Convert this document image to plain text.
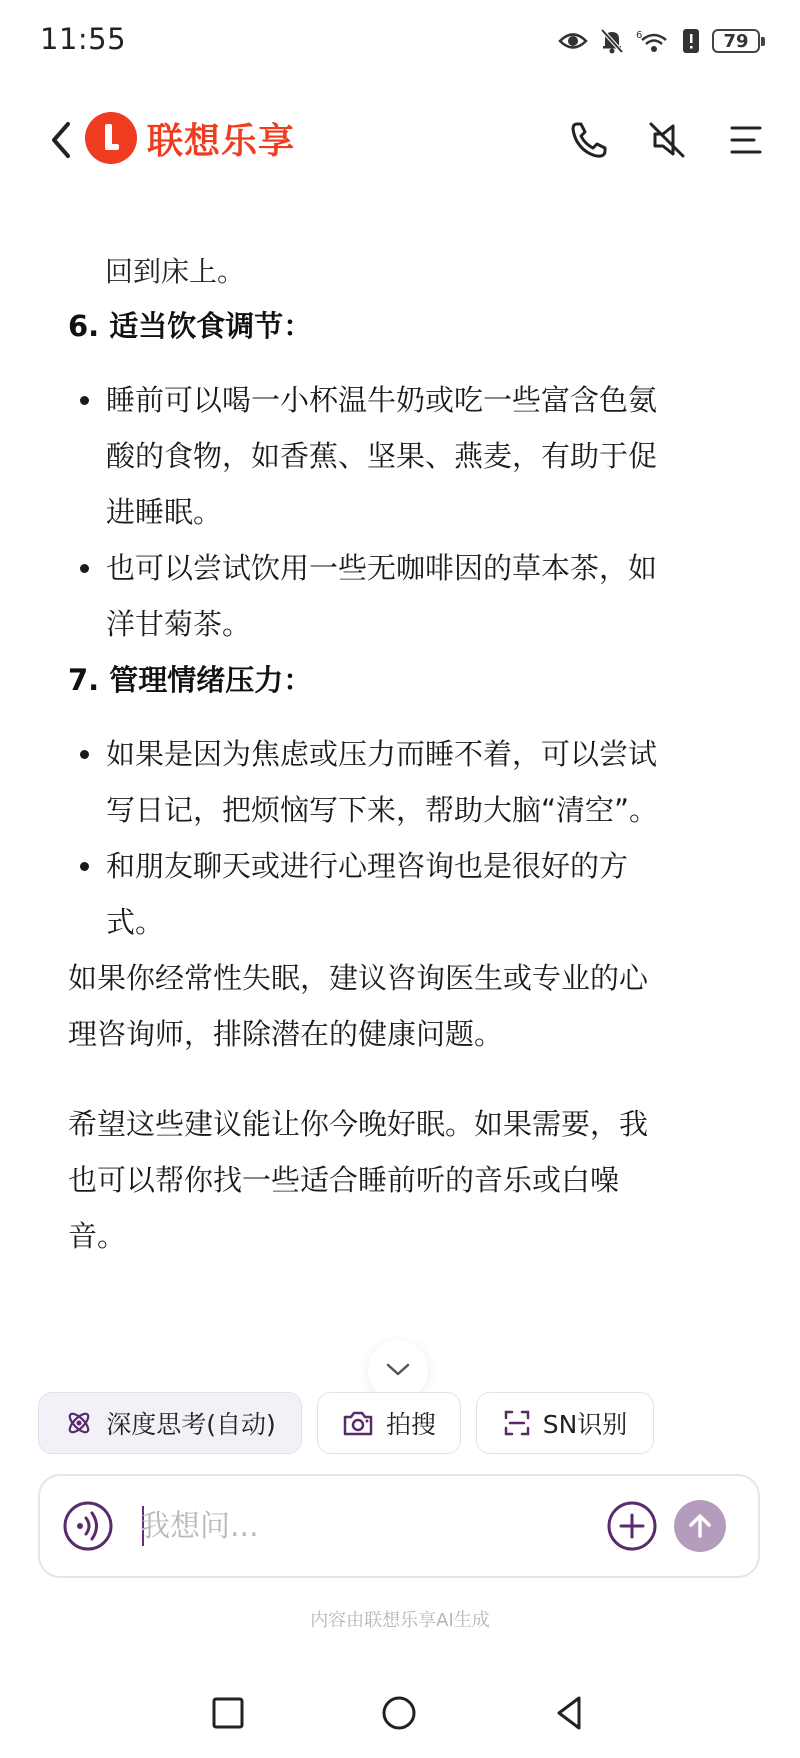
11:55	6	79
联想乐享
回到床上。
6. 适当饮食调节：
睡前可以喝一小杯温牛奶或吃一些富含色氨
酸的食物，如香蕉、坚果、燕麦，有助于促
进睡眠。
也可以尝试饮用一些无咖啡因的草本茶，如
洋甘菊茶。
7. 管理情绪压力：
如果是因为焦虑或压力而睡不着，可以尝试
写日记，把烦恼写下来，帮助大脑“清空”。
和朋友聊天或进行心理咨询也是很好的方
式。

如果你经常性失眠，建议咨询医生或专业的心
理咨询师，排除潜在的健康问题。

希望这些建议能让你今晚好眠。如果需要，我
也可以帮你找一些适合睡前听的音乐或白噪
音。

深度思考(自动)	拍搜	SN识别
我想问...
内容由联想乐享AI生成
